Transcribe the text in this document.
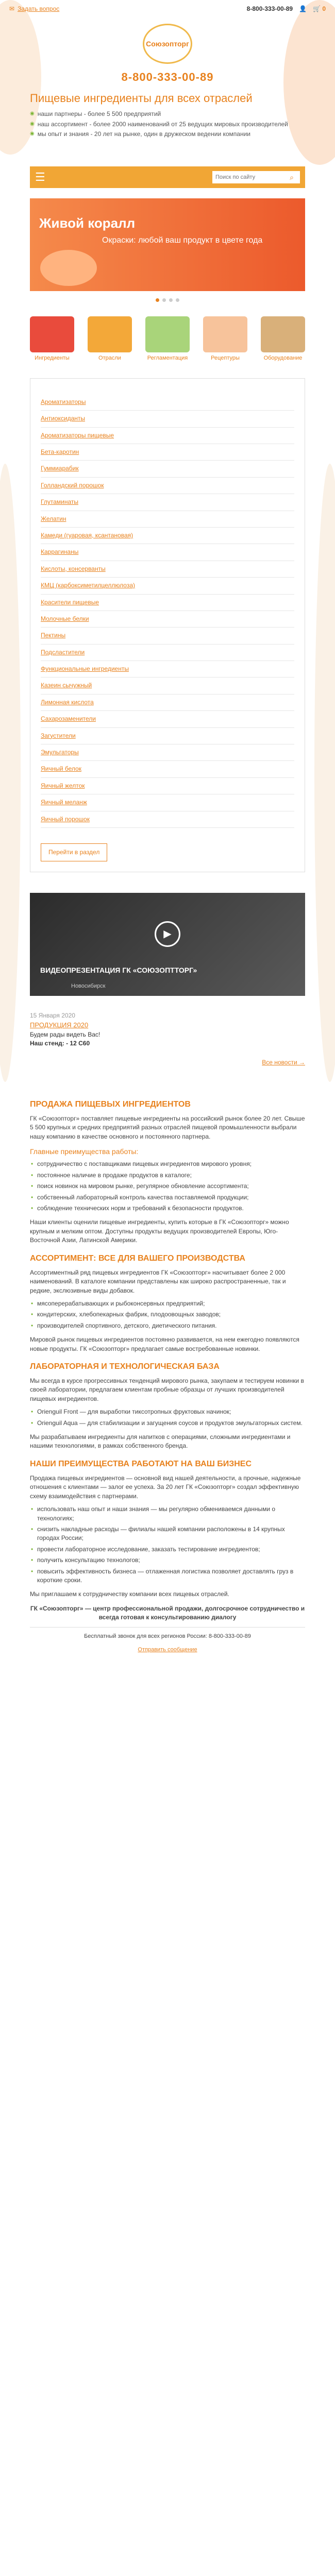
✉ Задать вопрос	8-800-333-00-89 👤 🛒 0
Союзопторг
8-800-333-00-89
Пищевые ингредиенты для всех отраслей
◉ наши партнеры - более 5 500 предприятий
◉ наш ассортимент - более 2000 наименований от 25 ведущих мировых производителей
◉ мы опыт и знания - 20 лет на рынке, один в дружеском ведении компании
☰
Поиск по сайту	⌕
Живой коралл
Окраски: любой ваш продукт в цвете года
Ингредиенты	Отрасли	Регламентация	Рецептуры	Оборудование
Ароматизаторы
Антиоксиданты
Ароматизаторы пищевые
Бета-каротин
Гуммиарабик
Голландский порошок
Глутаминаты
Желатин
Камеди (гуаровая, ксантановая)
Каррагинаны
Кислоты, консерванты
КМЦ (карбоксиметилцеллюлоза)
Красители пищевые
Молочные белки
Пектины
Подсластители
Функциональные ингредиенты
Казеин сычужный
Лимонная кислота
Сахарозаменители
Загустители
Эмульгаторы
Яичный белок
Яичный желток
Яичный меланж
Яичный порошок
Перейти в раздел
▶
ВИДЕОПРЕЗЕНТАЦИЯ ГК «СОЮЗОПТТОРГ»
Новосибирск
15 Января 2020
ПРОДУКЦИЯ 2020
Будем рады видеть Вас!
Наш стенд: - 12 С60
Все новости →
ПРОДАЖА ПИЩЕВЫХ ИНГРЕДИЕНТОВ

ГК «Союзопторг» поставляет пищевые ингредиенты на российский рынок более 20 лет. Свыше 5 500 крупных и средних предприятий разных отраслей пищевой промышленности выбрали нашу компанию в качестве основного и постоянного партнера.

Главные преимущества работы:
• сотрудничество с поставщиками пищевых ингредиентов мирового уровня;
• постоянное наличие в продаже продуктов в каталоге;
• поиск новинок на мировом рынке, регулярное обновление ассортимента;
• собственный лабораторный контроль качества поставляемой продукции;
• соблюдение технических норм и требований к безопасности продуктов.

Наши клиенты оценили пищевые ингредиенты, купить которые в ГК «Союзопторг» можно крупным и мелким оптом. Доступны продукты ведущих производителей Европы, Юго-Восточной Азии, Латинской Америки.

АССОРТИМЕНТ: ВСЕ ДЛЯ ВАШЕГО ПРОИЗВОДСТВА

Ассортиментный ряд пищевых ингредиентов ГК «Союзопторг» насчитывает более 2 000 наименований. В каталоге компании представлены как широко распространенные, так и редкие, экслюзивные виды добавок.

• мясоперерабатывающих и рыбоконсервных предприятий;
• кондитерских, хлебопекарных фабрик, плодоовощных заводов;
• производителей спортивного, детского, диетического питания.

Мировой рынок пищевых ингредиентов постоянно развивается, на нем ежегодно появляются новые продукты. ГК «Союзопторг» предлагает самые востребованные новинки.

ЛАБОРАТОРНАЯ И ТЕХНОЛОГИЧЕСКАЯ БАЗА

Мы всегда в курсе прогрессивных тенденций мирового рынка, закупаем и тестируем новинки в своей лаборатории, предлагаем клиентам пробные образцы от лучших производителей пищевых ингредиентов.

• Orienguil Front — для выработки тиксотропных фруктовых начинок;
• Orienguil Aqua — для стабилизации и загущения соусов и продуктов эмульгаторных систем.

Мы разрабатываем ингредиенты для напитков с операциями, сложными ингредиентами и нашими технологиями, в рамках собственного бренда.

НАШИ ПРЕИМУЩЕСТВА РАБОТАЮТ НА ВАШ БИЗНЕС

Продажа пищевых ингредиентов — основной вид нашей деятельности, а прочные, надежные отношения с клиентами — залог ее успеха. За 20 лет ГК «Союзопторг» создал эффективную схему взаимодействия с партнерами.

• использовать наш опыт и наши знания — мы регулярно обмениваемся данными о технологиях;
• снизить накладные расходы — филиалы нашей компании расположены в 14 крупных городах России;
• провести лабораторное исследование, заказать тестирование ингредиентов;
• получить консультацию технологов;
• повысить эффективность бизнеса — отлаженная логистика позволяет доставлять груз в короткие сроки.

Мы приглашаем к сотрудничеству компании всех пищевых отраслей.

ГК «Союзопторг» — центр профессиональной продажи, долгосрочное сотрудничество и всегда готовая к консультированию диалогу
Бесплатный звонок для всех регионов России: 8-800-333-00-89
Отправить сообщение
